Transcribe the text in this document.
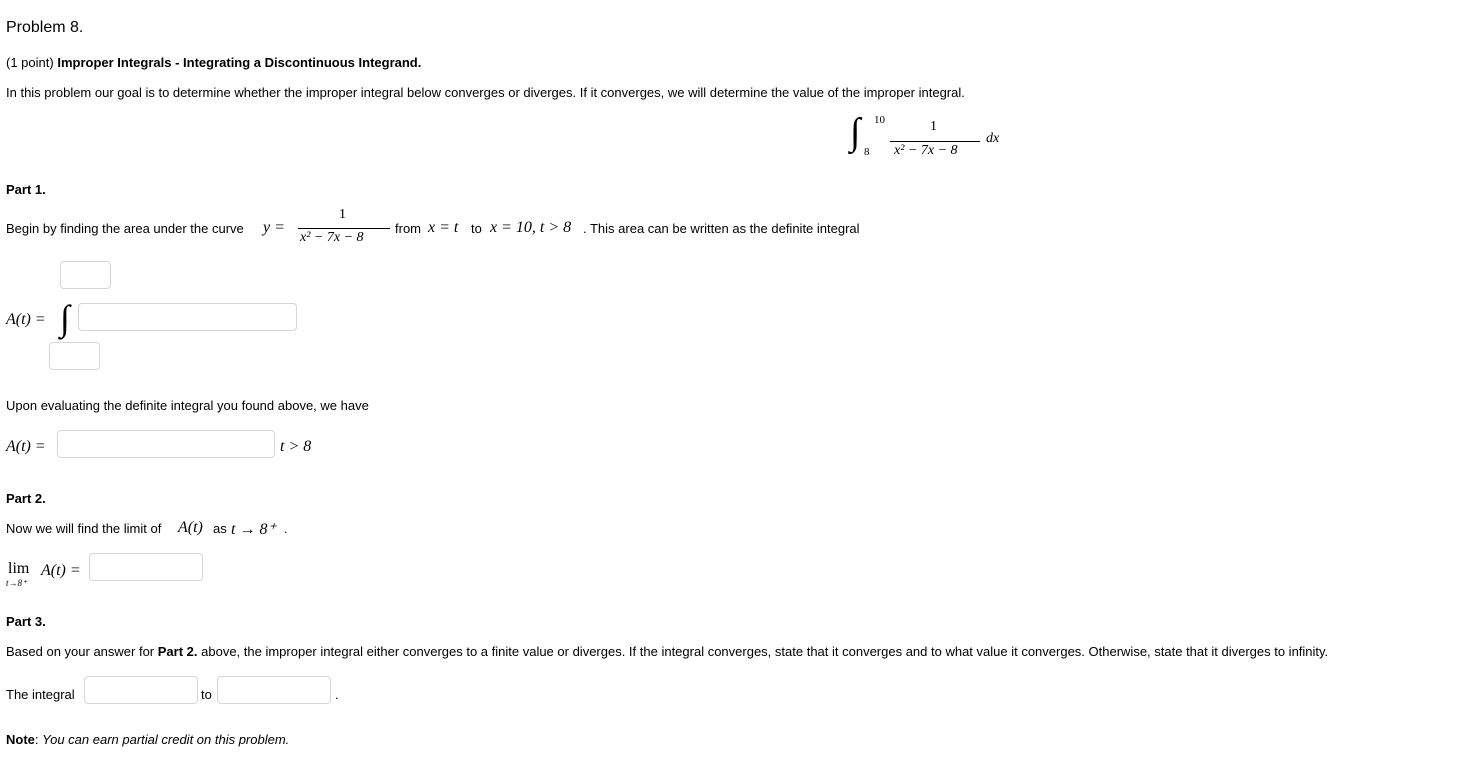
Problem 8.
(1 point) Improper Integrals - Integrating a Discontinuous Integrand.
In this problem our goal is to determine whether the improper integral below converges or diverges. If it converges, we will determine the value of the improper integral.
∫ 10
8
1
x² − 7x − 8
dx
Part 1.
Begin by finding the area under the curve y =
1
x² − 7x − 8
from x = t to x = 10, t > 8 . This area can be written as the definite integral
A(t) = ∫
Upon evaluating the definite integral you found above, we have
A(t) =	t > 8
Part 2.
Now we will find the limit of A(t) as t → 8⁺ .
lim
t→8⁺
A(t) =
Part 3.
Based on your answer for Part 2. above, the improper integral either converges to a finite value or diverges. If the integral converges, state that it converges and to what value it converges. Otherwise, state that it diverges to infinity.
The integral	to	.
Note: You can earn partial credit on this problem.
